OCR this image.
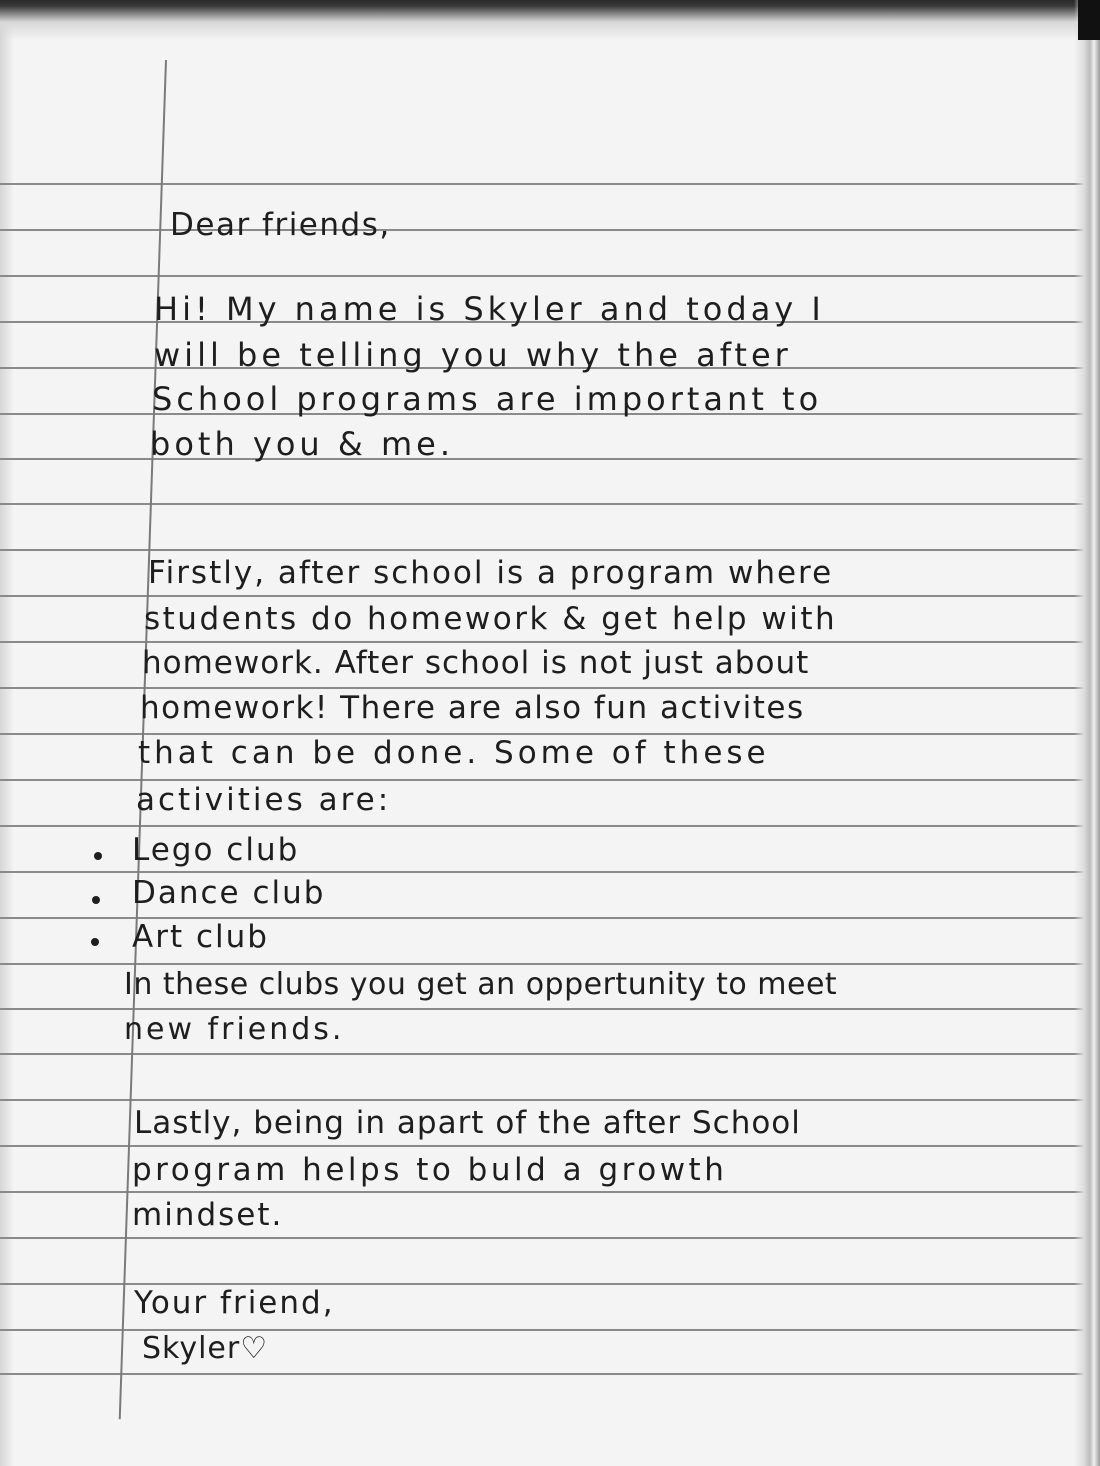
Dear friends,
Hi! My name is Skyler and today I
will be telling you why the after
School programs are important to
both you & me.
Firstly, after school is a program where
students do homework & get help with
homework. After school is not just about
homework! There are also fun activites
that can be done. Some of these
activities are:
Lego club
Dance club
Art club
In these clubs you get an oppertunity to meet
new friends.
Lastly, being in apart of the after School
program helps to buld a growth
mindset.
Your friend,
Skyler♡
